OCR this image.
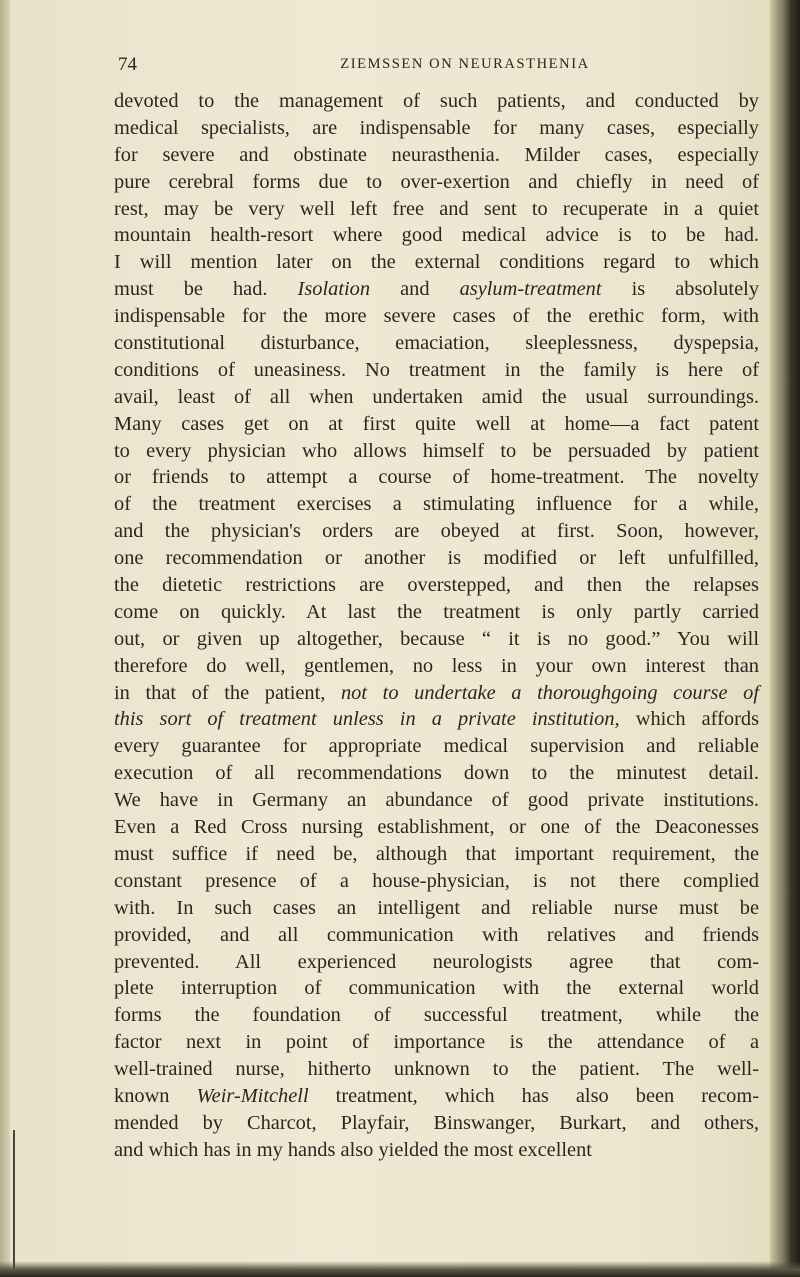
74	ZIEMSSEN ON NEURASTHENIA
devoted to the management of such patients, and conducted by
medical specialists, are indispensable for many cases, especially
for severe and obstinate neurasthenia. Milder cases, especially
pure cerebral forms due to over-exertion and chiefly in need of
rest, may be very well left free and sent to recuperate in a quiet
mountain health-resort where good medical advice is to be had.
I will mention later on the external conditions regard to which
must be had. Isolation and asylum-treatment is absolutely
indispensable for the more severe cases of the erethic form, with
constitutional disturbance, emaciation, sleeplessness, dyspepsia,
conditions of uneasiness. No treatment in the family is here of
avail, least of all when undertaken amid the usual surroundings.
Many cases get on at first quite well at home—a fact patent
to every physician who allows himself to be persuaded by patient
or friends to attempt a course of home-treatment. The novelty
of the treatment exercises a stimulating influence for a while,
and the physician's orders are obeyed at first. Soon, however,
one recommendation or another is modified or left unfulfilled,
the dietetic restrictions are overstepped, and then the relapses
come on quickly. At last the treatment is only partly carried
out, or given up altogether, because “ it is no good.” You will
therefore do well, gentlemen, no less in your own interest than
in that of the patient, not to undertake a thoroughgoing course of
this sort of treatment unless in a private institution, which affords
every guarantee for appropriate medical supervision and reliable
execution of all recommendations down to the minutest detail.
We have in Germany an abundance of good private institutions.
Even a Red Cross nursing establishment, or one of the Deaconesses
must suffice if need be, although that important requirement, the
constant presence of a house-physician, is not there complied
with. In such cases an intelligent and reliable nurse must be
provided, and all communication with relatives and friends
prevented. All experienced neurologists agree that com-
plete interruption of communication with the external world
forms the foundation of successful treatment, while the
factor next in point of importance is the attendance of a
well-trained nurse, hitherto unknown to the patient. The well-
known Weir-Mitchell treatment, which has also been recom-
mended by Charcot, Playfair, Binswanger, Burkart, and others,
and which has in my hands also yielded the most excellent
